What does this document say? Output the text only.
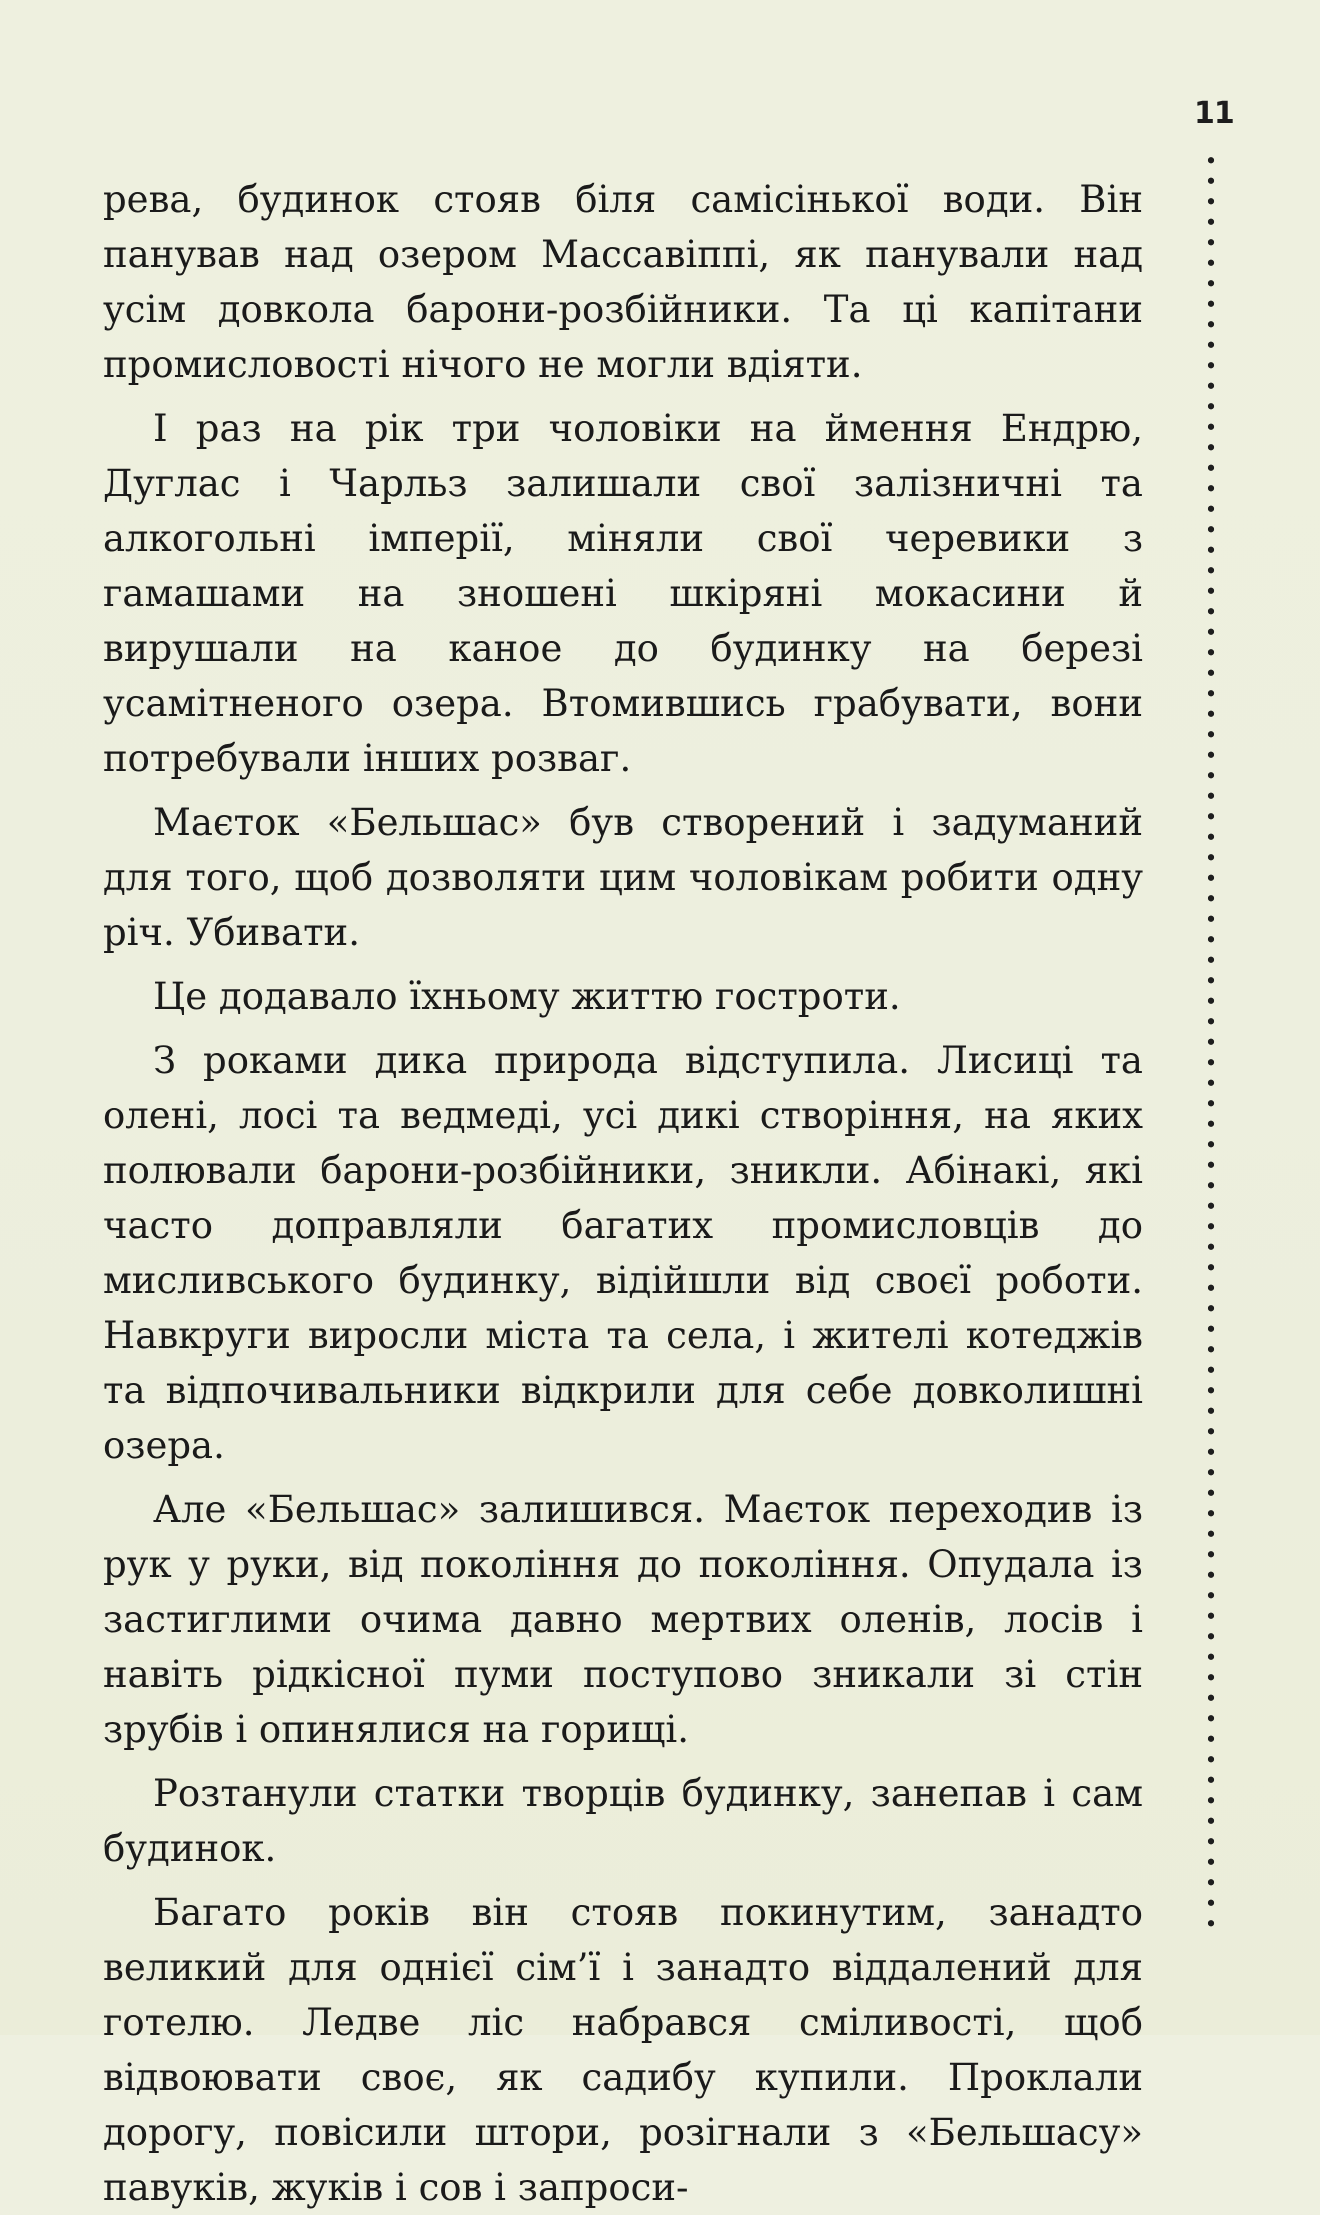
11

рева, будинок стояв біля самісінької води. Він панував над озером Массавіппі, як панували над усім довкола барони-розбійники. Та ці капітани промисловості нічого не могли вдіяти.

І раз на рік три чоловіки на ймення Ендрю, Дуглас і Чарльз залишали свої залізничні та алкогольні імперії, міняли свої черевики з гамашами на зношені шкіряні мокасини й вирушали на каное до будинку на березі усамітненого озера. Втомившись грабувати, вони потребували інших розваг.

Маєток «Бельшас» був створений і задуманий для того, щоб дозволяти цим чоловікам робити одну річ. Убивати.

Це додавало їхньому життю гостроти.

З роками дика природа відступила. Лисиці та олені, лосі та ведмеді, усі дикі створіння, на яких полювали барони-розбійники, зникли. Абінакі, які часто доправляли багатих промисловців до мисливського будинку, відійшли від своєї роботи. Навкруги виросли міста та села, і жителі котеджів та відпочивальники відкрили для себе довколишні озера.

Але «Бельшас» залишився. Маєток переходив із рук у руки, від покоління до покоління. Опудала із застиглими очима давно мертвих оленів, лосів і навіть рідкісної пуми поступово зникали зі стін зрубів і опинялися на горищі.

Розтанули статки творців будинку, занепав і сам будинок.

Багато років він стояв покинутим, занадто великий для однієї сім’ї і занадто віддалений для готелю. Ледве ліс набрався сміливості, щоб відвоювати своє, як садибу купили. Проклали дорогу, повісили штори, розігнали з «Бельшасу» павуків, жуків і сов і запроси-
